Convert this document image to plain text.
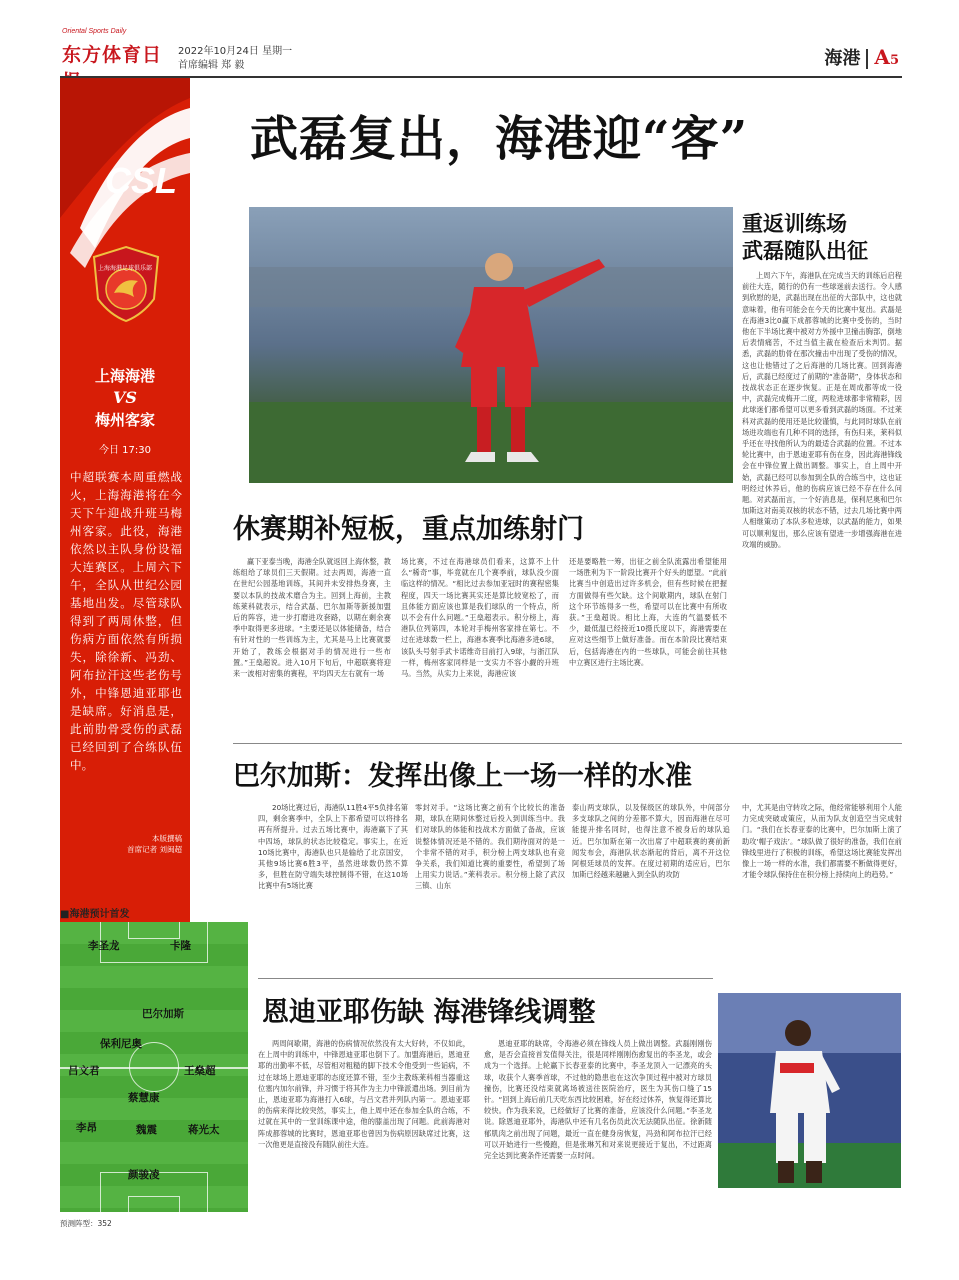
Oriental Sports Daily
东方体育日	2022年10月24日 星期一
首席编辑 郑 毅	海港 A5
CSL
上海海港足球俱乐部
上海海港
VS
梅州客家
今日 17:30
中超联赛本周重燃战火，上海海港将在今天下午迎战升班马梅州客家。此役，海港依然以主队身份设福大连赛区。上周六下午，全队从世纪公园基地出发。尽管球队得到了两周休整，但伤病方面依然有所损失，除徐新、冯劲、阿布拉汗这些老伤号外，中锋恩迪亚耶也是缺席。好消息是，此前肋骨受伤的武磊已经回到了合练队伍中。
本版撰稿
首席记者 刘闽超
■海港预计首发
李圣龙	卡隆
巴尔加斯
保利尼奥
吕文君	王燊超
蔡慧康
李昂	魏震	蒋光太
颜骏凌
预测阵型：352
武磊复出，海港迎“客”
重返训练场
武磊随队出征
上周六下午，海港队在完成当天的训练后启程前往大连，随行的仍有一些球迷前去送行。令人感到欣慰的是，武磊出现在出征的大部队中，这也就意味着，他有可能会在今天的比赛中复出。武磊是在海港3比0赢下成都蓉城的比赛中受伤的，当时他在下半场比赛中被对方外援中卫撞击胸部，倒地后表情痛苦，不过当值主裁在检查后未判罚。据悉，武磊的肋骨在那次撞击中出现了受伤的情况，这也让他错过了之后海港的几场比赛。回到海港后，武磊已经度过了前期的“准备期”，身体状态和技战状态正在逐步恢复。正是在周成都等成一役中，武磊完成梅开二度，两粒进球都非常精彩，因此球迷们都希望可以更多看到武磊的场面。不过莱科对武磊的使用还是比较谨慎，与此同时球队在前场进攻端也有几种不同的选择，有伤归来，莱科似乎还在寻找他所认为的最适合武磊的位置。不过本轮比赛中，由于恩迪亚耶有伤在身，因此海港锋线会在中锋位置上做出调整。事实上，自上周中开始，武磊已经可以参加到全队的合练当中，这也证明经过休养后，他的伤病应该已经不存在什么问题。对武磊而言，一个好消息是，保利尼奥和巴尔加斯这对南美双核的状态不错，过去几场比赛中两人相继策动了本队多粒进球，以武磊的能力，如果可以顺利复出，那么应该有望进一步增强海港在进攻端的威胁。
休赛期补短板，重点加练射门
赢下亚泰当晚，海港全队就返回上海休整，教练组给了球员们三天假期。过去两周，海港一直在世纪公园基地训练，其间并未安排热身赛，主要以本队的技战术磨合为主。回到上海前，主教练莱科就表示，结合武磊、巴尔加斯等新援加盟后的阵容，进一步打磨进攻套路，以期在剩余赛季中取得更多进球。“主要还是以体能储备，结合有针对性的一些训练为主，尤其是马上比赛就要开始了，教练会根据对手的情况进行一些布置。”王燊超说。进入10月下旬后，中超联赛将迎来一波相对密集的赛程，平均四天左右就有一场
场比赛，不过在海港球员们看来，这算不上什么“稀奇”事，毕竟就在几个赛季前，球队没少面临这样的情况。“相比过去参加亚冠时的赛程密集程度，四天一场比赛其实还是算比较宽松了，而且体能方面应该也算是我们球队的一个特点，所以不会有什么问题。”王燊超表示。积分榜上，海港队位列第四，本轮对手梅州客家排在第七。不过在进球数一栏上，海港本赛季比海港多进6球，该队头号射手武卡诺维奇目前打入9球，与浙江队一样，梅州客家同样是一支实力不容小觑的升班马。当然，从实力上来说，海港应该
还是要略胜一筹，出征之前全队流露出希望能用一场胜利为下一阶段比赛开个好头的愿望。“此前比赛当中创造出过许多机会，但有些时候在把握方面做得有些欠缺。这个间歇期内，球队在射门这个环节练得多一些，希望可以在比赛中有所收获。”王燊超说。相比上海，大连的气温要低不少，最低温已经接近10摄氏度以下，海港需要在应对这些细节上做好准备。而在本阶段比赛结束后，包括海港在内的一些球队，可能会前往其他中立赛区进行主场比赛。
巴尔加斯：发挥出像上一场一样的水准
20场比赛过后，海港队11胜4平5负排名第四，剩余赛季中，全队上下都希望可以将排名再有所提升。过去五场比赛中，海港赢下了其中四场，球队的状态比较稳定。事实上，在近10场比赛中，海港队也只是输给了北京国安，其他9场比赛6胜3平，虽然进球数仍然不算多，但胜在防守端失球控制得不错，在这10场比赛中有5场比赛
零封对手。“这场比赛之前有个比较长的准备期，球队在期间休整过后投入到训练当中。我们对球队的体能和技战术方面做了备战，应该说整体情况还是不错的。我们期待面对的是一个非常不错的对手，积分榜上两支球队也有竞争关系，我们知道比赛的重要性，希望到了场上用实力说话。”莱科表示。积分榜上除了武汉三镇、山东
泰山两支球队，以及保级区的球队外，中间部分多支球队之间的分差都不算大，因而海港在尽可能提升排名同时，也得注意不被身后的球队追近。巴尔加斯在第一次出席了中超联赛的赛前新闻发布会，海港队状态渐起的背后，离不开这位阿根廷球员的发挥。在度过初期的适应后，巴尔加斯已经越来越融入到全队的攻防
中，尤其是由守转攻之际，他经常能够利用个人能力完成突破或策应，从而为队友创造空当完成射门。“我们在长春亚泰的比赛中，巴尔加斯上演了助攻‘帽子戏法’。“球队做了很好的准备，我们在前锋线里进行了积极的训练，希望这场比赛能发挥出像上一场一样的水准，我们都需要不断做得更好，才能令球队保持住在积分榜上持续向上的趋势。”
恩迪亚耶伤缺 海港锋线调整
两周间歇期，海港的伤病情况依然没有太大好转，不仅如此，在上周中的训练中，中锋恩迪亚耶也倒下了。加盟海港后，恩迪亚耶的出勤率不低，尽管相对粗糙的脚下技术令他受到一些诟病，不过在球场上恩迪亚耶的态度还算不错，至少主教练莱科相当器重这位塞内加尔前锋，并习惯于将其作为主力中锋派遣出场。到目前为止，恩迪亚耶为海港打入6球，与吕文君并列队内第一。恩迪亚耶的伤病来得比较突然，事实上，他上周中还在参加全队的合练，不过就在其中的一堂训练课中途，他的膝盖出现了问题。此前海港对阵成都蓉城的比赛时，恩迪亚耶也曾因为伤病原因缺席过比赛，这一次他更是直接没有随队前往大连。
恩迪亚耶的缺席，令海港必须在锋线人员上做出调整。武磊刚刚伤愈，是否会直接首发值得关注，很是同样刚刚伤愈复出的李圣龙，或会成为一个选择。上轮赢下长春亚泰的比赛中，李圣龙顶入一记漂亮的头球，收获个人赛季首球，不过他的隐患也在这次争顶过程中被对方球员撞伤，比赛还没结束就离场被送往医院治疗，医生为其伤口缝了15针。“回到上海后前几天吃东西比较困难，好在经过休养，恢复得还算比较快。作为我来说，已经做好了比赛的准备，应该没什么问题。”李圣龙说。除恩迪亚耶外，海港队中还有几名伤员此次无法随队出征。徐新随郁肌肉之前出现了问题，最近一直在健身房恢复，冯劲和阿布拉汗已经可以开始进行一些慢跑，但是张琳艽和对来说更接近于复出，不过距离完全达到比赛条件还需要一点时间。
